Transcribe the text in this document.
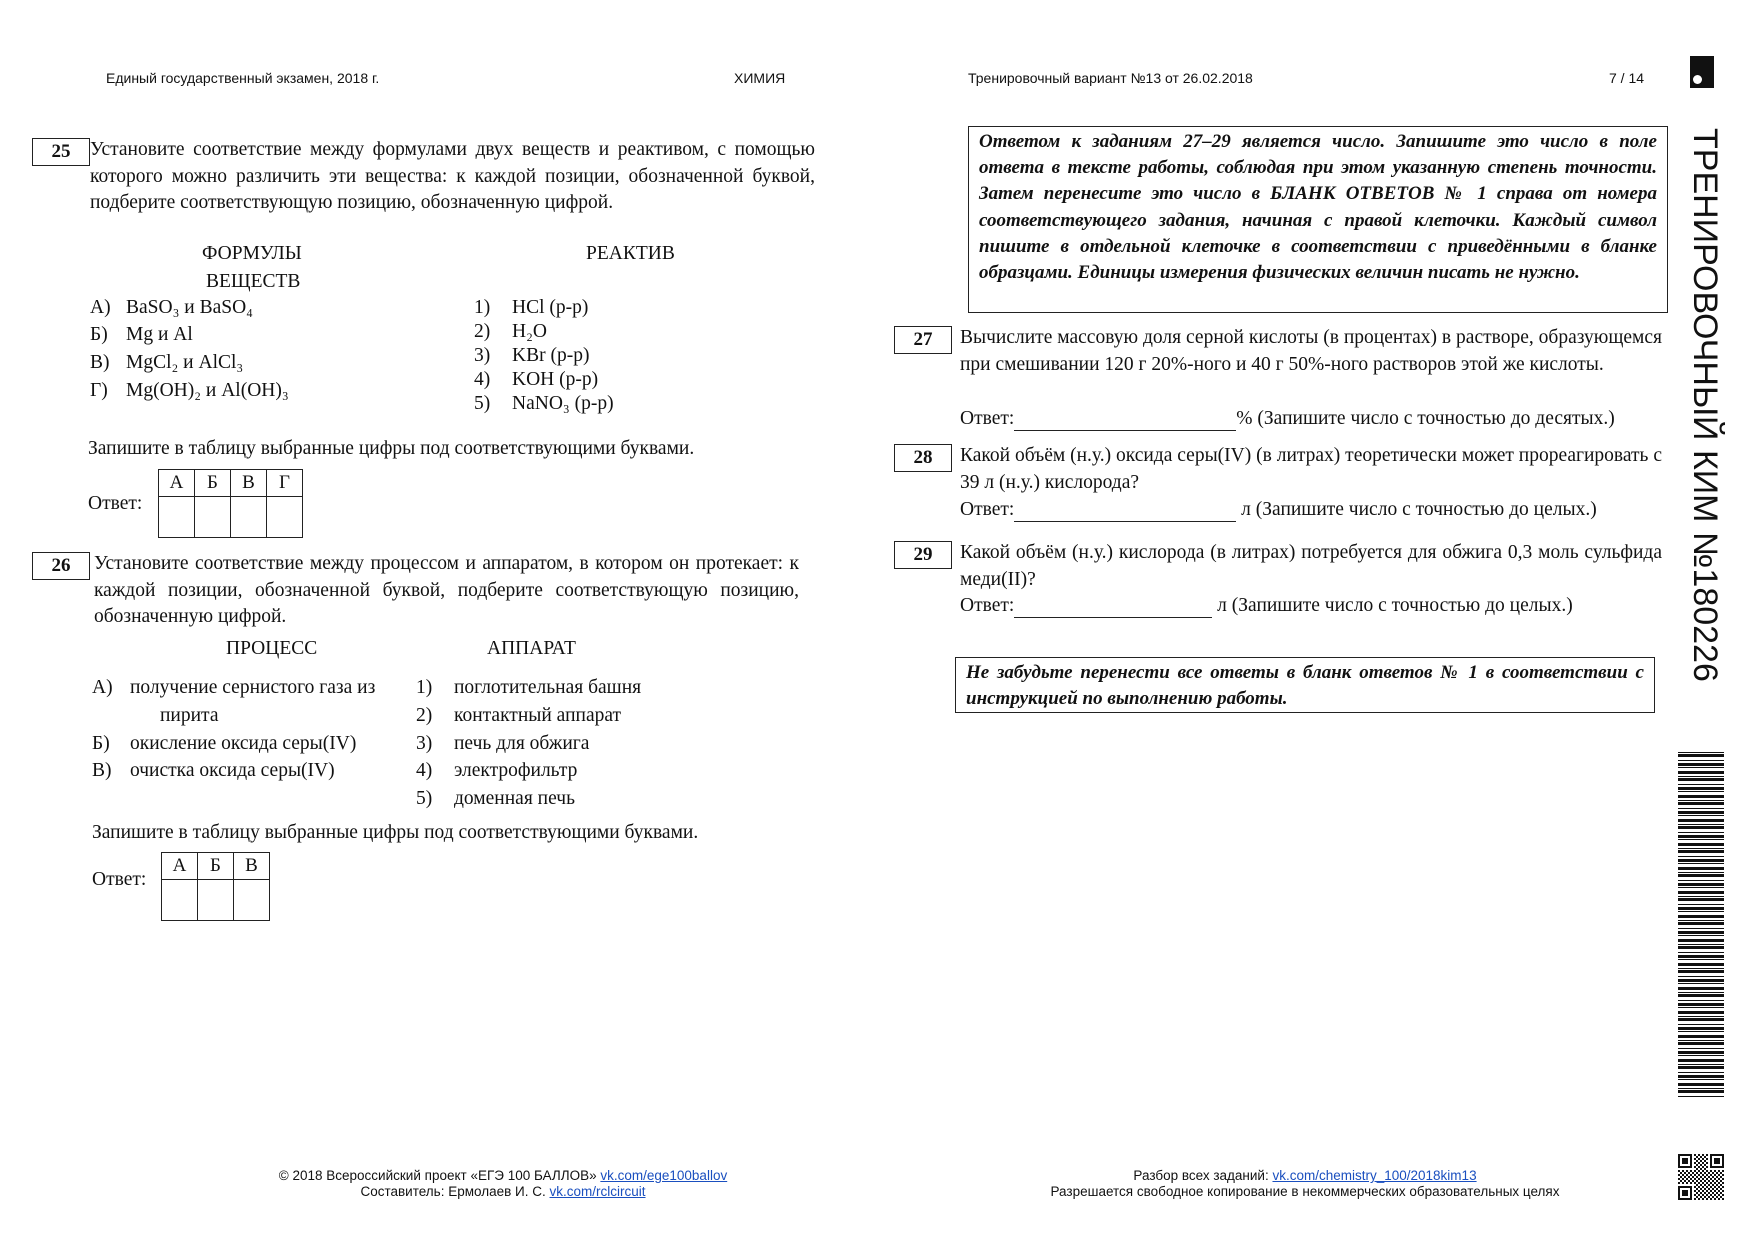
Единый государственный экзамен, 2018 г.	ХИМИЯ	Тренировочный вариант №13 от 26.02.2018	7 / 14
ТРЕНИРОВОЧНЫЙ КИМ №180226
25	Установите соответствие между формулами двух веществ и реактивом, с помощью которого можно различить эти вещества: к каждой позиции, обозначенной буквой, подберите соответствующую позицию, обозначенную цифрой.
ФОРМУЛЫ
ВЕЩЕСТВ
РЕАКТИВ
А) BaSO₃ и BaSO₄
Б) Mg и Al
В) MgCl₂ и AlCl₃
Г) Mg(OH)₂ и Al(OH)₃
1) HCl (р-р)
2) H₂O
3) KBr (р-р)
4) KOH (р-р)
5) NaNO₃ (р-р)
Запишите в таблицу выбранные цифры под соответствующими буквами.
Ответ:
А	Б	В	Г

26	Установите соответствие между процессом и аппаратом, в котором он протекает: к каждой позиции, обозначенной буквой, подберите соответствующую позицию, обозначенную цифрой.
ПРОЦЕСС	АППАРАТ
А) получение сернистого газа из
пирита
Б) окисление оксида серы(IV)
В) очистка оксида серы(IV)
1) поглотительная башня
2) контактный аппарат
3) печь для обжига
4) электрофильтр
5) доменная печь
Запишите в таблицу выбранные цифры под соответствующими буквами.
Ответ:
А	Б	В

Ответом к заданиям 27–29 является число. Запишите это число в поле ответа в тексте работы, соблюдая при этом указанную степень точности. Затем перенесите это число в БЛАНК ОТВЕТОВ № 1 справа от номера соответствующего задания, начиная с правой клеточки. Каждый символ пишите в отдельной клеточке в соответствии с приведёнными в бланке образцами. Единицы измерения физических величин писать не нужно.
27	Вычислите массовую доля серной кислоты (в процентах) в растворе, образующемся при смешивании 120 г 20%-ного и 40 г 50%-ного растворов этой же кислоты.
Ответ:	% (Запишите число с точностью до десятых.)
28	Какой объём (н.у.) оксида серы(IV) (в литрах) теоретически может прореагировать с 39 л (н.у.) кислорода?
Ответ:	л (Запишите число с точностью до целых.)
29	Какой объём (н.у.) кислорода (в литрах) потребуется для обжига 0,3 моль сульфида меди(II)?
Ответ:	л (Запишите число с точностью до целых.)
Не забудьте перенести все ответы в бланк ответов № 1 в соответствии с инструкцией по выполнению работы.
© 2018 Всероссийский проект «ЕГЭ 100 БАЛЛОВ» vk.com/ege100ballov
Составитель: Ермолаев И. С. vk.com/rclcircuit
Разбор всех заданий: vk.com/chemistry_100/2018kim13
Разрешается свободное копирование в некоммерческих образовательных целях
